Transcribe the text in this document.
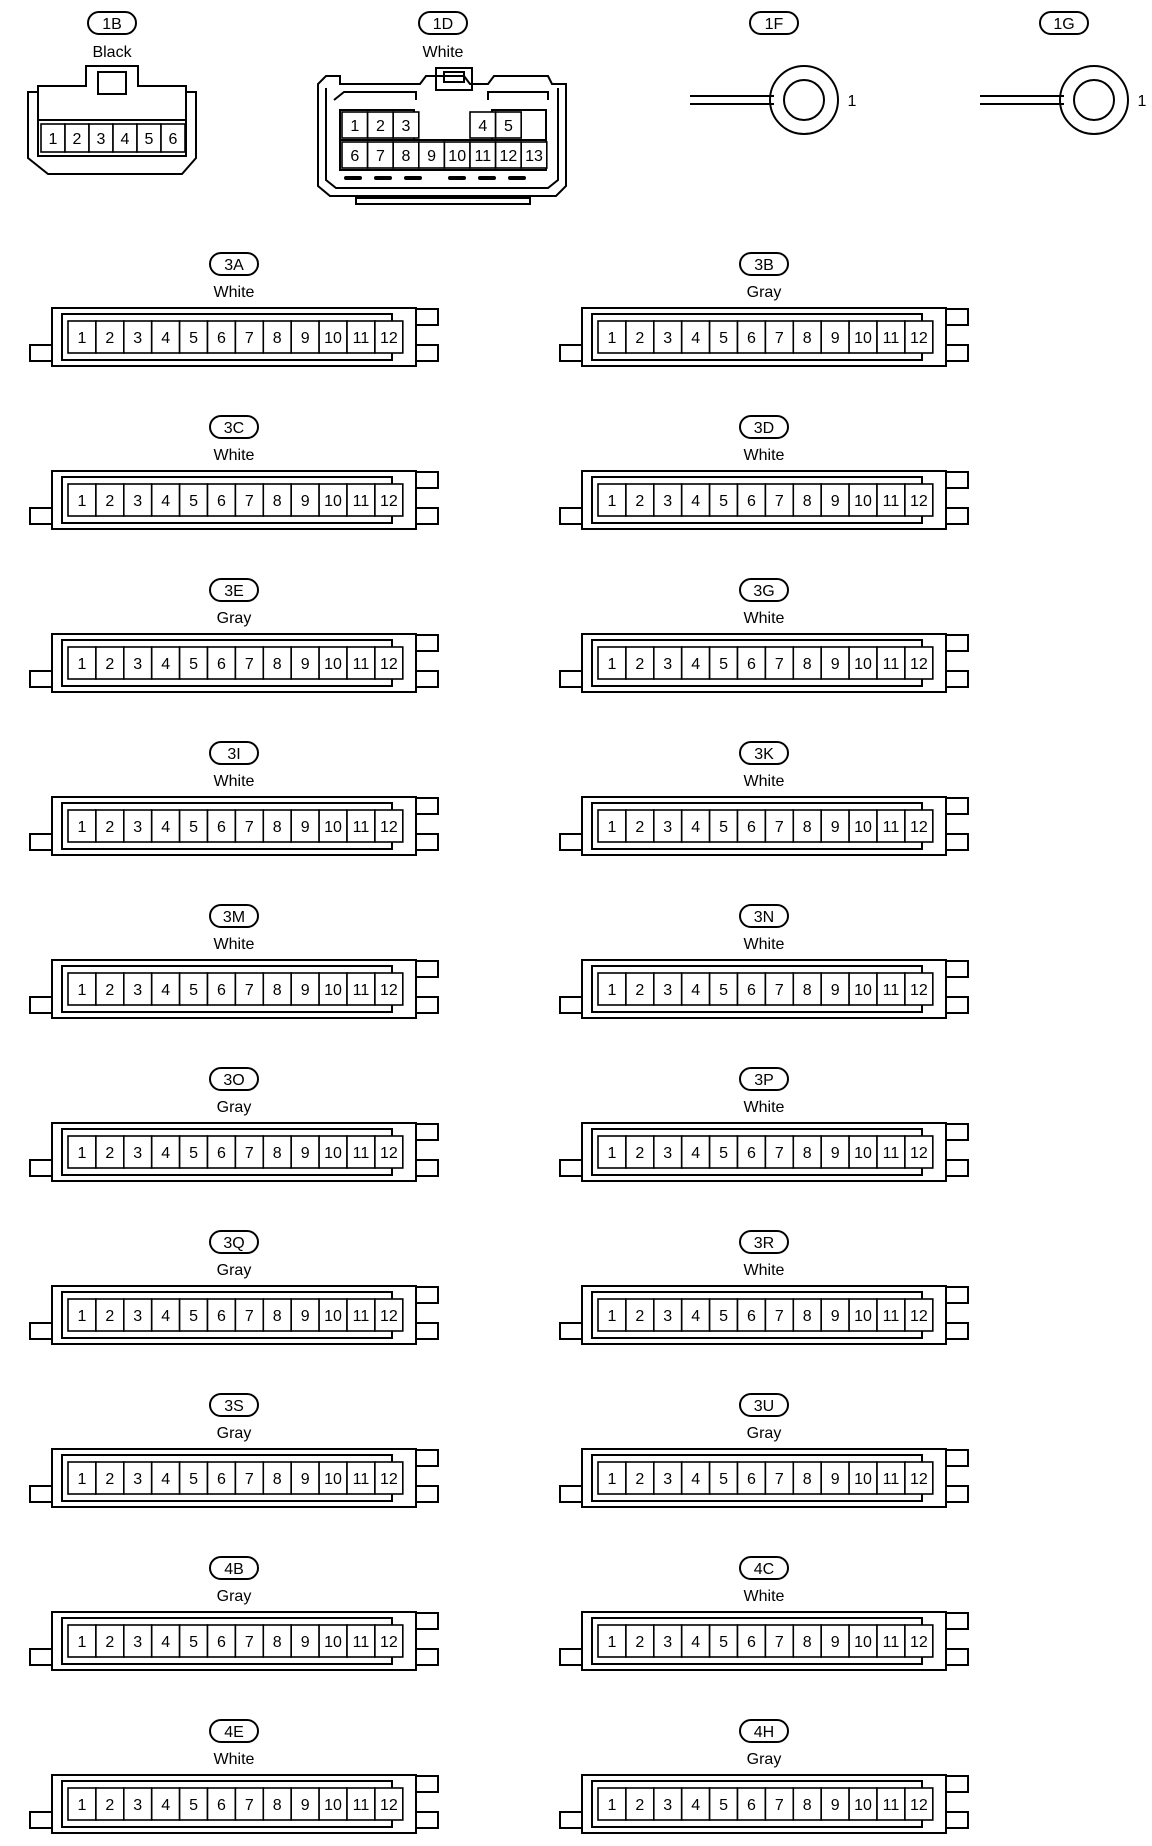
1B
Black
1 2 3 4 5 6
1D
White
1 2 3	4 5
6 7 8 9 10 11 12 13
1F
1
1G
1
3A
White
1 2 3 4 5 6 7 8 9 10 11 12
3B
Gray
1 2 3 4 5 6 7 8 9 10 11 12
3C
White
1 2 3 4 5 6 7 8 9 10 11 12
3D
White
1 2 3 4 5 6 7 8 9 10 11 12
3E
Gray
1 2 3 4 5 6 7 8 9 10 11 12
3G
White
1 2 3 4 5 6 7 8 9 10 11 12
3I
White
1 2 3 4 5 6 7 8 9 10 11 12
3K
White
1 2 3 4 5 6 7 8 9 10 11 12
3M
White
1 2 3 4 5 6 7 8 9 10 11 12
3N
White
1 2 3 4 5 6 7 8 9 10 11 12
3O
Gray
1 2 3 4 5 6 7 8 9 10 11 12
3P
White
1 2 3 4 5 6 7 8 9 10 11 12
3Q
Gray
1 2 3 4 5 6 7 8 9 10 11 12
3R
White
1 2 3 4 5 6 7 8 9 10 11 12
3S
Gray
1 2 3 4 5 6 7 8 9 10 11 12
3U
Gray
1 2 3 4 5 6 7 8 9 10 11 12
4B
Gray
1 2 3 4 5 6 7 8 9 10 11 12
4C
White
1 2 3 4 5 6 7 8 9 10 11 12
4E
White
1 2 3 4 5 6 7 8 9 10 11 12
4H
Gray
1 2 3 4 5 6 7 8 9 10 11 12
